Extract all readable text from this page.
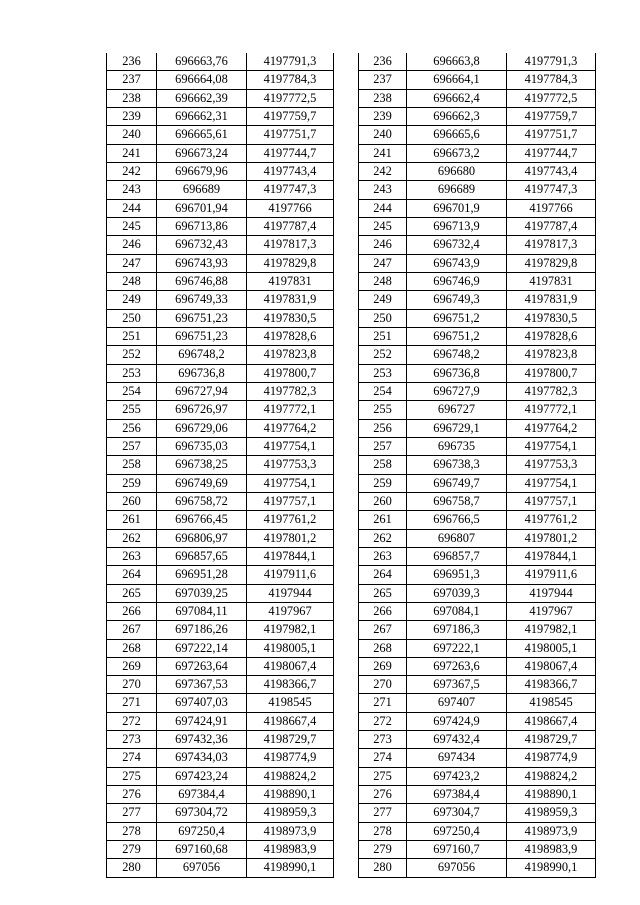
236	696663,76	4197791,3
237	696664,08	4197784,3
238	696662,39	4197772,5
239	696662,31	4197759,7
240	696665,61	4197751,7
241	696673,24	4197744,7
242	696679,96	4197743,4
243	696689	4197747,3
244	696701,94	4197766
245	696713,86	4197787,4
246	696732,43	4197817,3
247	696743,93	4197829,8
248	696746,88	4197831
249	696749,33	4197831,9
250	696751,23	4197830,5
251	696751,23	4197828,6
252	696748,2	4197823,8
253	696736,8	4197800,7
254	696727,94	4197782,3
255	696726,97	4197772,1
256	696729,06	4197764,2
257	696735,03	4197754,1
258	696738,25	4197753,3
259	696749,69	4197754,1
260	696758,72	4197757,1
261	696766,45	4197761,2
262	696806,97	4197801,2
263	696857,65	4197844,1
264	696951,28	4197911,6
265	697039,25	4197944
266	697084,11	4197967
267	697186,26	4197982,1
268	697222,14	4198005,1
269	697263,64	4198067,4
270	697367,53	4198366,7
271	697407,03	4198545
272	697424,91	4198667,4
273	697432,36	4198729,7
274	697434,03	4198774,9
275	697423,24	4198824,2
276	697384,4	4198890,1
277	697304,72	4198959,3
278	697250,4	4198973,9
279	697160,68	4198983,9
280	697056	4198990,1
236	696663,8	4197791,3
237	696664,1	4197784,3
238	696662,4	4197772,5
239	696662,3	4197759,7
240	696665,6	4197751,7
241	696673,2	4197744,7
242	696680	4197743,4
243	696689	4197747,3
244	696701,9	4197766
245	696713,9	4197787,4
246	696732,4	4197817,3
247	696743,9	4197829,8
248	696746,9	4197831
249	696749,3	4197831,9
250	696751,2	4197830,5
251	696751,2	4197828,6
252	696748,2	4197823,8
253	696736,8	4197800,7
254	696727,9	4197782,3
255	696727	4197772,1
256	696729,1	4197764,2
257	696735	4197754,1
258	696738,3	4197753,3
259	696749,7	4197754,1
260	696758,7	4197757,1
261	696766,5	4197761,2
262	696807	4197801,2
263	696857,7	4197844,1
264	696951,3	4197911,6
265	697039,3	4197944
266	697084,1	4197967
267	697186,3	4197982,1
268	697222,1	4198005,1
269	697263,6	4198067,4
270	697367,5	4198366,7
271	697407	4198545
272	697424,9	4198667,4
273	697432,4	4198729,7
274	697434	4198774,9
275	697423,2	4198824,2
276	697384,4	4198890,1
277	697304,7	4198959,3
278	697250,4	4198973,9
279	697160,7	4198983,9
280	697056	4198990,1
